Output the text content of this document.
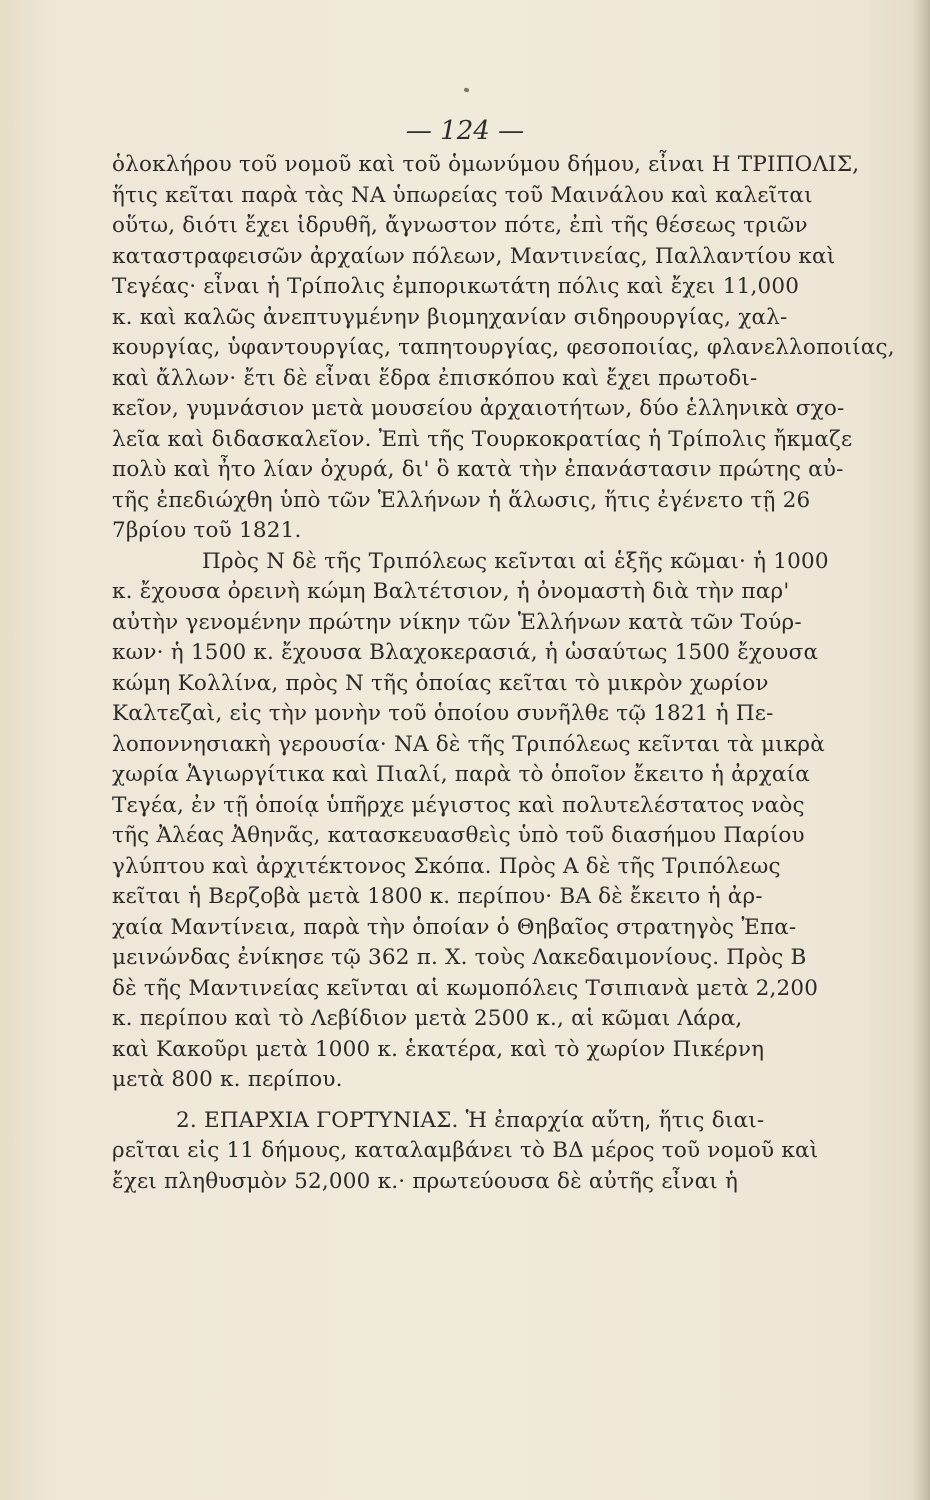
— 124 —
ὁλοκλήρου τοῦ νομοῦ καὶ τοῦ ὁμωνύμου δήμου, εἶναι Η ΤΡΙΠΟΛΙΣ,
ἥτις κεῖται παρὰ τὰς ΝΑ ὑπωρείας τοῦ Μαινάλου καὶ καλεῖται
οὕτω, διότι ἔχει ἱδρυθῆ, ἄγνωστον πότε, ἐπὶ τῆς θέσεως τριῶν
καταστραφεισῶν ἀρχαίων πόλεων, Μαντινείας, Παλλαντίου καὶ
Τεγέας· εἶναι ἡ Τρίπολις ἐμπορικωτάτη πόλις καὶ ἔχει 11,000
κ. καὶ καλῶς ἀνεπτυγμένην βιομηχανίαν σιδηρουργίας, χαλ-
κουργίας, ὑφαντουργίας, ταπητουργίας, φεσοποιίας, φλανελλοποιίας,
καὶ ἄλλων· ἔτι δὲ εἶναι ἕδρα ἐπισκόπου καὶ ἔχει πρωτοδι-
κεῖον, γυμνάσιον μετὰ μουσείου ἀρχαιοτήτων, δύο ἑλληνικὰ σχο-
λεῖα καὶ διδασκαλεῖον. Ἐπὶ τῆς Τουρκοκρατίας ἡ Τρίπολις ἤκμαζε
πολὺ καὶ ἦτο λίαν ὀχυρά, δι' ὃ κατὰ τὴν ἐπανάστασιν πρώτης αὐ-
τῆς ἐπεδιώχθη ὑπὸ τῶν Ἑλλήνων ἡ ἅλωσις, ἥτις ἐγένετο τῇ 26
7βρίου τοῦ 1821.
Πρὸς Ν δὲ τῆς Τριπόλεως κεῖνται αἱ ἑξῆς κῶμαι· ἡ 1000
κ. ἔχουσα ὀρεινὴ κώμη Βαλτέτσιον, ἡ ὀνομαστὴ διὰ τὴν παρ'
αὐτὴν γενομένην πρώτην νίκην τῶν Ἑλλήνων κατὰ τῶν Τούρ-
κων· ἡ 1500 κ. ἔχουσα Βλαχοκερασιά, ἡ ὡσαύτως 1500 ἔχουσα
κώμη Κολλίνα, πρὸς Ν τῆς ὁποίας κεῖται τὸ μικρὸν χωρίον
Καλτεζαὶ, εἰς τὴν μονὴν τοῦ ὁποίου συνῆλθε τῷ 1821 ἡ Πε-
λοποννησιακὴ γερουσία· ΝΑ δὲ τῆς Τριπόλεως κεῖνται τὰ μικρὰ
χωρία Ἁγιωργίτικα καὶ Πιαλί, παρὰ τὸ ὁποῖον ἔκειτο ἡ ἀρχαία
Τεγέα, ἐν τῇ ὁποίᾳ ὑπῆρχε μέγιστος καὶ πολυτελέστατος ναὸς
τῆς Ἀλέας Ἀθηνᾶς, κατασκευασθεὶς ὑπὸ τοῦ διασήμου Παρίου
γλύπτου καὶ ἀρχιτέκτονος Σκόπα. Πρὸς Α δὲ τῆς Τριπόλεως
κεῖται ἡ Βερζοβὰ μετὰ 1800 κ. περίπου· ΒΑ δὲ ἔκειτο ἡ ἀρ-
χαία Μαντίνεια, παρὰ τὴν ὁποίαν ὁ Θηβαῖος στρατηγὸς Ἐπα-
μεινώνδας ἐνίκησε τῷ 362 π. Χ. τοὺς Λακεδαιμονίους. Πρὸς Β
δὲ τῆς Μαντινείας κεῖνται αἱ κωμοπόλεις Τσιπιανὰ μετὰ 2,200
κ. περίπου καὶ τὸ Λεβίδιον μετὰ 2500 κ., αἱ κῶμαι Λάρα,
καὶ Κακοῦρι μετὰ 1000 κ. ἑκατέρα, καὶ τὸ χωρίον Πικέρνη
μετὰ 800 κ. περίπου.
2. ΕΠΑΡΧΙΑ ΓΟΡΤΥΝΙΑΣ. Ἡ ἐπαρχία αὕτη, ἥτις διαι-
ρεῖται εἰς 11 δήμους, καταλαμβάνει τὸ ΒΔ μέρος τοῦ νομοῦ καὶ
ἔχει πληθυσμὸν 52,000 κ.· πρωτεύουσα δὲ αὐτῆς εἶναι ἡ
